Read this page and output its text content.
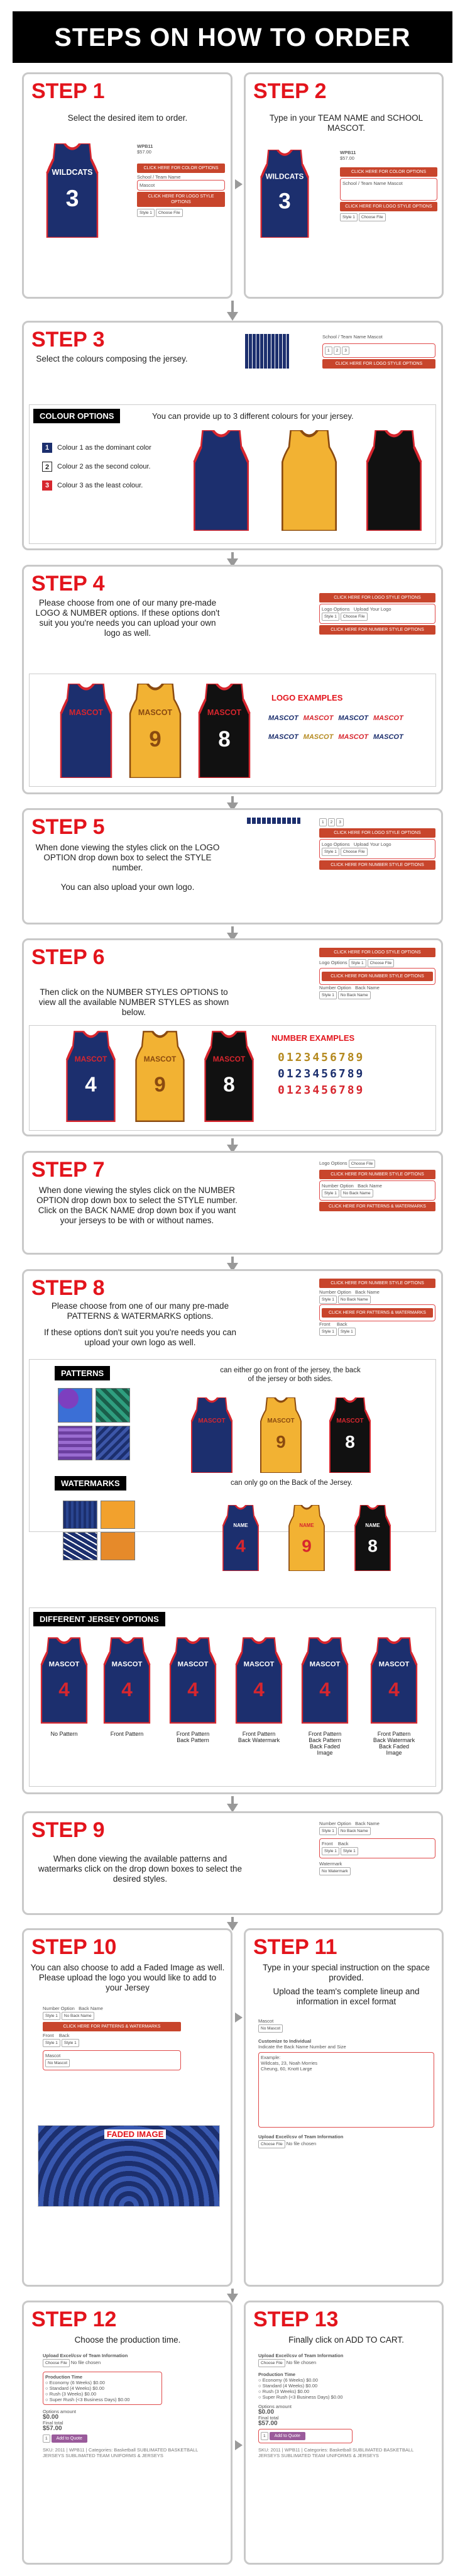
STEPS ON HOW TO ORDER
STEP 1
Select the desired item to order.
WILDCATS
3
WPB11
$57.00
CLICK HERE FOR COLOR OPTIONS
School / Team Name
Mascot
CLICK HERE FOR LOGO STYLE OPTIONS
Style 1 Choose File
STEP 2
Type in your TEAM NAME and SCHOOL MASCOT.
WILDCATS
3
WPB11
$57.00
CLICK HERE FOR COLOR OPTIONS
School / Team Name Mascot
CLICK HERE FOR LOGO STYLE OPTIONS
Style 1 Choose File
STEP 3
Select the colours composing the jersey.
School / Team Name Mascot
1 2 3
CLICK HERE FOR LOGO STYLE OPTIONS
COLOUR OPTIONS	You can provide up to 3 different colours for your jersey.
1 Colour 1 as the dominant color
2 Colour 2 as the second colour.
3 Colour 3 as the least colour.
STEP 4
Please choose from one of our many pre-made LOGO & NUMBER options. If these options don't suit you you're needs you can upload your own logo as well.
CLICK HERE FOR LOGO STYLE OPTIONS
Logo Options Upload Your Logo
Style 1 Choose File
CLICK HERE FOR NUMBER STYLE OPTIONS
MASCOT	MASCOT
9
MASCOT
8
LOGO EXAMPLES
MASCOT MASCOT MASCOT MASCOT
MASCOT MASCOT MASCOT MASCOT
STEP 5
When done viewing the styles click on the LOGO OPTION drop down box to select the STYLE number.
You can also upload your own logo.
1 2 3
CLICK HERE FOR LOGO STYLE OPTIONS
Logo Options Upload Your Logo
Style 1 Choose File
CLICK HERE FOR NUMBER STYLE OPTIONS
STEP 6
Then click on the NUMBER STYLES OPTIONS to view all the available NUMBER STYLES as shown below.
CLICK HERE FOR LOGO STYLE OPTIONS
Logo Options Style 1 Choose File
CLICK HERE FOR NUMBER STYLE OPTIONS
Number Option Back Name
Style 1 No Back Name
MASCOT
4
MASCOT
9
MASCOT
8
NUMBER EXAMPLES
0123456789
0123456789
0123456789
STEP 7
When done viewing the styles click on the NUMBER OPTION drop down box to select the STYLE number. Click on the BACK NAME drop down box if you want your jerseys to be with or without names.
Logo Options Choose File
CLICK HERE FOR NUMBER STYLE OPTIONS
Number Option Back Name
Style 1 No Back Name
CLICK HERE FOR PATTERNS & WATERMARKS
STEP 8
Please choose from one of our many pre-made PATTERNS & WATERMARKS options.
If these options don't suit you you're needs you can upload your own logo as well.
CLICK HERE FOR NUMBER STYLE OPTIONS
Number Option Back Name
Style 1 No Back Name
CLICK HERE FOR PATTERNS & WATERMARKS
Front Back
Style 1 Style 1
PATTERNS	can either go on front of the jersey, the back of the jersey or both sides.
MASCOT	MASCOT
9
MASCOT
8
WATERMARKS	can only go on the Back of the Jersey.
NAME
4
NAME
9
NAME
8
DIFFERENT JERSEY OPTIONS
MASCOT
4
MASCOT
4
MASCOT
4
MASCOT
4
MASCOT
4
MASCOT
4
No Pattern	Front Pattern	Front Pattern Back Pattern
Front Pattern Back Watermark
Front Pattern Back Pattern Back Faded Image
Front Pattern Back Watermark Back Faded Image
STEP 9
When done viewing the available patterns and watermarks click on the drop down boxes to select the desired styles.
Number Option Back Name
Style 1 No Back Name
Front Back
Style 1 Style 1
Watermark
No Watermark
STEP 10
You can also choose to add a Faded Image as well. Please upload the logo you would like to add to your Jersey
Number Option Back Name
Style 1 No Back Name
CLICK HERE FOR PATTERNS & WATERMARKS
Front Back
Style 1 Style 1
Mascot
No Mascot
FADED IMAGE
STEP 11
Type in your special instruction on the space provided.
Upload the team's complete lineup and information in excel format
Mascot
No Mascot
Customize to Individual
Indicate the Back Name Number and Size
Example:
Wildcats, 23, Noah Morries
Cheung, 60, Knott Large
Upload Excel/csv of Team Information
Choose File No file chosen
STEP 12
Choose the production time.
Upload Excel/csv of Team Information
Choose File No file chosen
Production Time
○ Economy (6 Weeks) $0.00
○ Standard (4 Weeks) $0.00
○ Rush (3 Weeks) $0.00
○ Super Rush (<3 Business Days) $0.00
Options amount
$0.00
Final total
$57.00
1 Add to Quote
SKU: 2011 | WPB11 | Categories: Basketball SUBLIMATED BASKETBALL JERSEYS SUBLIMATED TEAM UNIFORMS & JERSEYS
STEP 13
Finally click on ADD TO CART.
Upload Excel/csv of Team Information
Choose File No file chosen
Production Time
○ Economy (6 Weeks) $0.00
○ Standard (4 Weeks) $0.00
○ Rush (3 Weeks) $0.00
○ Super Rush (<3 Business Days) $0.00
Options amount
$0.00
Final total
$57.00
1 Add to Quote
SKU: 2011 | WPB11 | Categories: Basketball SUBLIMATED BASKETBALL JERSEYS SUBLIMATED TEAM UNIFORMS & JERSEYS
